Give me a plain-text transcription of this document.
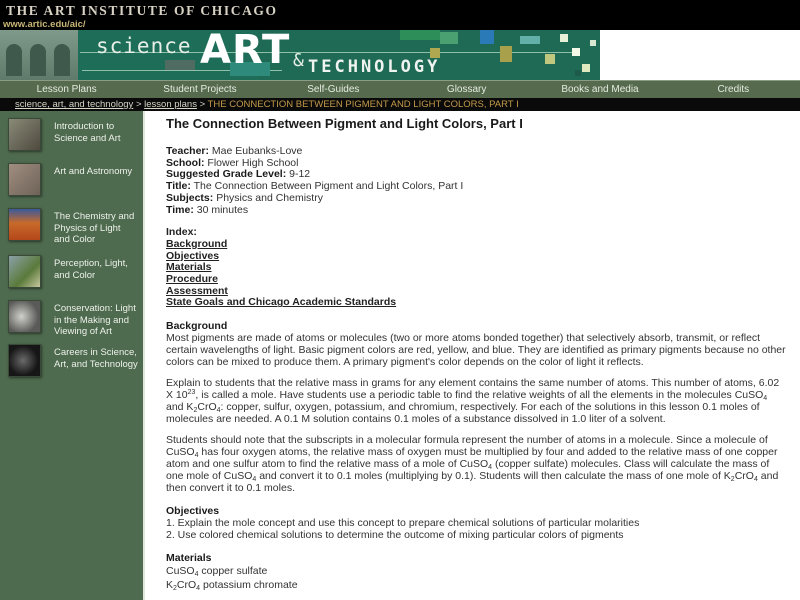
THE ART INSTITUTE OF CHICAGO
www.artic.edu/aic/
science ART & TECHNOLOGY
Lesson Plans	Student Projects	Self-Guides	Glossary	Books and Media	Credits
science, art, and technology > lesson plans > THE CONNECTION BETWEEN PIGMENT AND LIGHT COLORS, PART I
Introduction to Science and Art
Art and Astronomy
The Chemistry and Physics of Light and Color
Perception, Light, and Color
Conservation: Light in the Making and Viewing of Art
Careers in Science, Art, and Technology
The Connection Between Pigment and Light Colors, Part I
Teacher: Mae Eubanks-Love
School: Flower High School
Suggested Grade Level: 9-12
Title: The Connection Between Pigment and Light Colors, Part I
Subjects: Physics and Chemistry
Time: 30 minutes
Index:
Background
Objectives
Materials
Procedure
Assessment
State Goals and Chicago Academic Standards
Background
Most pigments are made of atoms or molecules (two or more atoms bonded together) that selectively absorb, transmit, or reflect certain wavelengths of light. Basic pigment colors are red, yellow, and blue. They are identified as primary pigments because no other colors can be mixed to produce them. A primary pigment's color depends on the color of light it reflects.

Explain to students that the relative mass in grams for any element contains the same number of atoms. This number of atoms, 6.02 X $10^{23}$, is called a mole. Have students use a periodic table to find the relative weights of all the elements in the molecules CuSO$_4$ and $K_2CrO_4$: copper, sulfur, oxygen, potassium, and chromium, respectively. For each of the solutions in this lesson 0.1 moles of molecules are needed. A 0.1 M solution contains 0.1 moles of a substance dissolved in 1.0 liter of a solvent.

Students should note that the subscripts in a molecular formula represent the number of atoms in a molecule. Since a molecule of CuSO$_4$ has four oxygen atoms, the relative mass of oxygen must be multiplied by four and added to the relative mass of one copper atom and one sulfur atom to find the relative mass of a mole of CuSO$_4$ (copper sulfate) molecules. Class will calculate the mass of one mole of CuSO$_4$ and convert it to 0.1 moles (multiplying by 0.1). Students will then calculate the mass of one mole of $K_2CrO_4$ and then convert it to 0.1 moles.

Objectives
1. Explain the mole concept and use this concept to prepare chemical solutions of particular molarities
2. Use colored chemical solutions to determine the outcome of mixing particular colors of pigments
Materials
CuSO$_4$ copper sulfate
$K_2CrO_4$ potassium chromate
